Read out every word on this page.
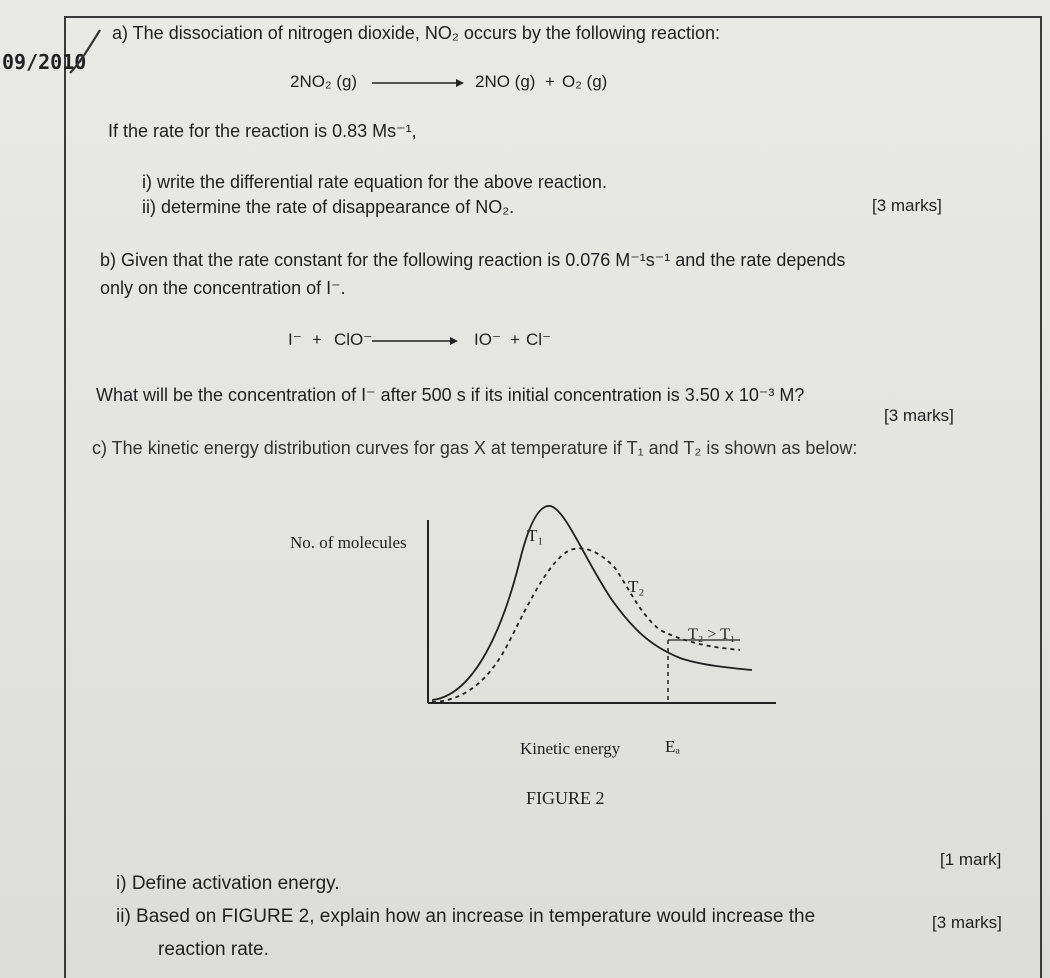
09/2010
a) The dissociation of nitrogen dioxide, NO₂ occurs by the following reaction:
2NO₂ (g)	2NO (g) + O₂ (g)
If the rate for the reaction is 0.83 Ms⁻¹,
i) write the differential rate equation for the above reaction.
ii) determine the rate of disappearance of NO₂.	[3 marks]
b) Given that the rate constant for the following reaction is 0.076 M⁻¹s⁻¹ and the rate depends
only on the concentration of I⁻.
I⁻ + ClO⁻	IO⁻ + Cl⁻
What will be the concentration of I⁻ after 500 s if its initial concentration is 3.50 x 10⁻³ M?
[3 marks]
c) The kinetic energy distribution curves for gas X at temperature if T₁ and T₂ is shown as below:
No. of molecules	T₁
T₂
T₂ > T₁
Kinetic energy	Eₐ
FIGURE 2
[1 mark]
i) Define activation energy.
ii) Based on FIGURE 2, explain how an increase in temperature would increase the	[3 marks]
reaction rate.
